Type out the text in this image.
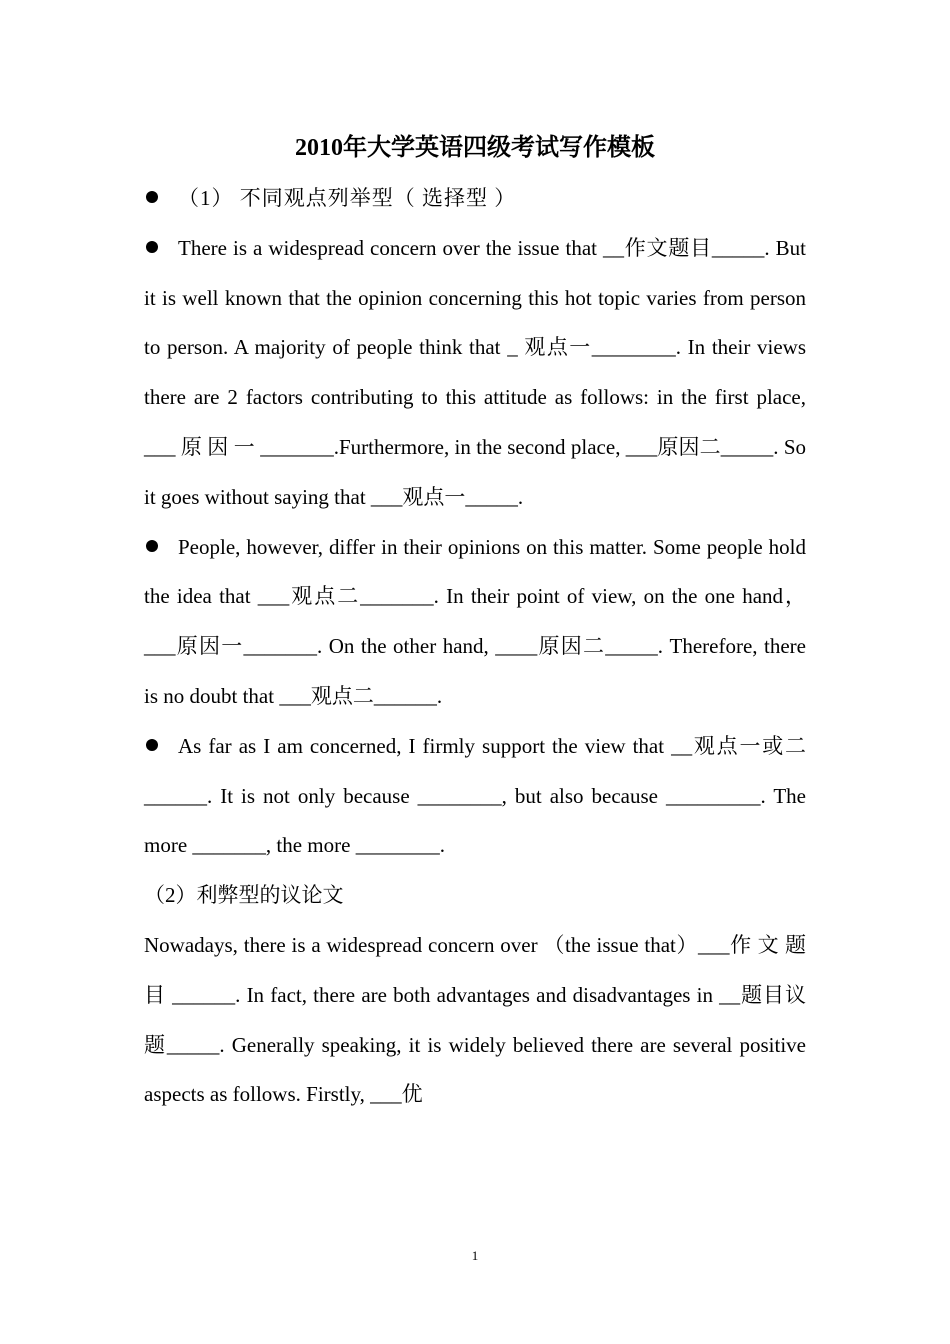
2010年大学英语四级考试写作模板

（1） 不同观点列举型（ 选择型 ）

There is a widespread concern over the issue that __作文题目_____. But it is well known that the opinion concerning this hot topic varies from person to person. A majority of people think that _ 观点一________. In their views there are 2 factors contributing to this attitude as follows: in the first place, ___ 原 因 一 _______.Furthermore, in the second place, ___原因二_____. So it goes without saying that ___观点一_____.

People, however, differ in their opinions on this matter. Some people hold the idea that ___观点二_______. In their point of view, on the one hand， ___原因一_______. On the other hand, ____原因二_____. Therefore, there is no doubt that ___观点二______.

As far as I am concerned, I firmly support the view that __观点一或二______. It is not only because ________, but also because _________. The more _______, the more ________.

（2）利弊型的议论文

Nowadays, there is a widespread concern over （the issue that）___作 文 题 目 ______. In fact, there are both advantages and disadvantages in __题目议题_____. Generally speaking, it is widely believed there are several positive aspects as follows. Firstly, ___优

1
